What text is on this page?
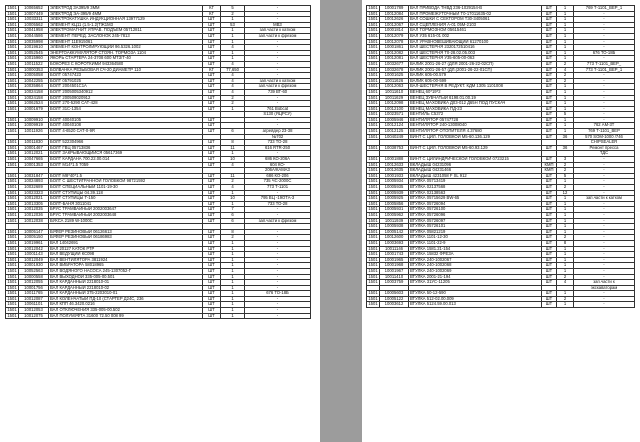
1501	10065652	ЭЛЕКТРОД ЗА395/9 3ММ	КГ	5	-
1501	10007449	ЭЛЕКТРОД ЭА-395/9 4ММ	КГ	2	-
1501	10033311	ЭЛЕКТРОКАТУШКА ИНДУКЦИОННАЯ 13977129	ШТ	1	-
1501	10005562	ЭЛЕМЕНТ КЦ11 (1.5-1.2)ТЖ1М3	ШТ	53	МВЗ
1501	10041958	ЭЛЕКТРОМАГНИТ УПРАВ. ПОДЪЕМ 05712811	ШТ	1	зап.части к катком
1501	10044586	ЭЛЕМЕНТ ПЕРЕД. ЗАСЛОНОК 245-7813	ШТ	1	зап.части к фрезом
1501	10035998	ЭЛЕМЕНТ 11E915061	ШТ	1	-
1501	10019610	ЭЛЕМЕНТ КОНТРОЛИРУЮЩИЙ 96.5326.1002	ШТ	4	-
1501	10052545	ЭНЕРГОАККУМУЛЯТОР СТОЯН. ТОРМОЗА 1104	ШТ	1	-
1501	10015960	ЯКОРЬ СТАРТЕРА 24-3708 600 МТЗ/Т-40	ШТ	1	-
1501	10011522	БОКОРЕЗ С КОРОТКИМИ 943364580	ШТ	4	-
1501	10000353	БОЛВАНКА РЕЗЬБОВАЯ СЧ-20 ДИАМЕТР 110	КГ	77,650	-
1501	10005058	БОЛТ 05747423	ШТ	4	-
1501	10042255	БОЛТ 05791025	ШТ	4	зап.части к катком
1501	10035864	БОЛТ 2004501С1А	ШТ	4	зап.части к фрезом
1501	10024158	БОЛТ 2005005340912	ШТ	4	739 ВТ-60
1501	10024158	БОЛТ 200509020912	ШТ	2	-
1501	10062524	БОЛТ 270-5290 САТ-428	ШТ	2	-
1501	10001679	БОЛТ 31С-1354	ШТ	1	761 Bobcat
					S130 (ЯЦРСУ)
1501	10009910	БОЛТ 40040105	ШТ		-
1501	10009919	БОЛТ 40040108	ШТ		-
1501	10011926	БОЛТ 4-6520 САТ-0-9R	ШТ	6	агрейдер 23-38
					№702
1501	10011830	БОЛТ 522304966	ШТ	8	733 ТО-28
1501	10001467	БОЛТ ГВЦ 05713836	ШТ	11	616 RTR-250
1501	10012021	БОЛТ ЗАКРЫВАЮЩИЙСЯ 05617369	ШТ	1	-
1501	10047665	БОЛТ КАРДАНА 700.22.00.014	ШТ	10	686 КО-206А
1501	10001353	БОЛТ М14*1.5 7059	ШТ	4	604 КО-
					206А/КАМАЗ
1501	10031847	БОЛТ М8*40*1.5	ШТ	11	686 КО-206
1501	10024893	БОЛТ С ШЕСТИГРАННОЙ ГОЛОВКОЙ 98721592	ШТ	2	735 ЧС-2000С
1501	10032689	БОЛТ СПЕЦИАЛЬНЫЙ 1101-19-30	ШТ	4	773 Т-1101
1501	10023323	БОЛТ СТУПИЦЫ 04.39.118	ШТ	1	-
1501	10012021	БОЛТ СТУПИЦЫ Т-150	ШТ	10	795 ВЦ -19ОТА-3
1501	10013305	БОЛТ-БАНЯ 3011041	ШТ	1	733 ТО-28
1501	10012035	БРУС ТРАМВАЙНЫЙ 2002003647	ШТ	7	-
1501	10012036	БРУС ТРАМВАЙНЫЙ 2002003648	ШТ	6	-
1501	10012038	БУКСА 2189 W-1000С	ШТ	6	зап.части к фрезом

1501	10005147	БУФЕР РЕЗИНОВЫЙ 06126613	ШТ	8	-
1501	10005150	БУФЕР РЕЗИНОВЫЙ 06186983	ШТ	2	-
1501	10019961	ВАЛ 14042691	ШТ	1	-
1501	10012042	ВАЛ 20127 КАТОК РТР	ШТ	1	-
1501	10001143	ВАЛ ВЕДУЩИЙ КС098	ШТ	1	-
1501	10012049	ВАЛ ВЕНТИЛЯТОРА 3811924	ШТ	1	-
1501	10001930	ВАЛ ВИБРАТОРА 58018965	ШТ	1	-
1501	10052563	ВАЛ ВОДЯНОГО НАСОСА 245-1307052-Г	ШТ	1	-
1501	10000558	ВАЛ ВЫХОДНОЙ 335-005-00.501	ШТ	1	-
1501	10012055	ВАЛ КАРДАННЫЙ 2218010-01	ШТ	1	-
1501	10001756	ВАЛ КАРДАННЫЙ 2218010-02	ШТ	1	-
1501	10011765	ВАЛ КАРДАННЫЙ 375-2203010-01	ШТ	1	676 ТО-18Б
1501	10012087	ВАЛ КОЛЕНЧАТЫЙ ПД-10 (СТАРТЕР Д24С, 236	ШТ	1	-
1501	10061101	ВАЛ КПП 46.3420.0216	ШТ	1	-
1501	10012053	ВАЛ ОТКЛЮЧЕНИЯ 335-005-00.502	ШТ	1	-
1501	10012075	ВАЛ ПОЛУМУФТА 31600 72.50 008 99	ШТ	1	-
1501	10001789	ВАЛ ПРИВОДА ТНВД 236-1029154-В	ШТ	1	769 Т-1101_ВЕР_1
1501	10012084	ВАЛ ПРОМЕЖУТОЧНЫЙ Т0-17011635-02	ШТ	1	-
1501	10012626	ВАЛ СОШКИ С СЕКТОРОМ Т30-3405061	ШТ	1	-
1501	10012067	ВАЛ СЦЕПЛЕНИЯ А-01 05М-2103	ШТ	1	-
1501	10001814	ВАЛ ТОРМОЗНОЙ 05615461	ШТ	1	-
1501	10012079	ВАЛ У35 615-01 002	ШТ	1	-
1501	10012078	ВАЛ УРАВНОВЕШИВАЮЩИЙ 61270100	ШТ	1	-
1501	10001861	ВАЛ ШЕСТЕРНЯ 2320172510416	ШТ	1	-
1501	10012082	ВАЛ ШЕСТЕРНЯ Т0-28.02.05.003	ШТ	1	676 ТО-18Б
1501	10012081	ВАЛ ШЕСТЕРНЯ У35-605-00-063	ШТ	1	-
1501	10032677	ВАЛИК 2001-26-27 (ДЛЯ 2001-26-22-02СП)	ШТ	2	773 Т-1101_ВЕР_
1501	10032678	ВАЛИК 2001-26-57 (ДЛ.(2001-26-22-01СП)	ШТ	4	773 Т-1101_ВЕР_1
1501	10001625	ВАЛИК 605-00.579	ШТ	2	-
1501	10011626	ВАЛИК 605-00-599	ШТ	2	-
1501	10012063	ВАЛ-ШЕСТЕРНЯ В РЕДУКТ. КДМ 1305 1101008	ШТ	1	-
1501	10011610	ВЕНЕЦ 60*19*2	ШТ	1	-
1501	10011629	ВЕНЕЦ ЗУБЧАТЫЙ 6198.01.00.19	ШТ	1	-
1501	10012098	ВЕНЕЦ МАХОВИКА Д03-012 Д65Н ПОД ПУСКАЧ	ШТ	1	-
1501	10012100	ВЕНЕЦ МАХОВИКА ПД-23	ШТ	1	-
1501	10023571	ВЕНТИЛЬ С5372	ШТ	5	-
1501	10005946	ВЕНТИЛЯТОР 05747728	ШТ	1	-
1501	10012124	ВЕНТИЛЯТОР 240-13008040	ШТ	1	762 АМ-3Т
1501	10012125	ВЕНТИЛЯТОР ОТОПИТЕЛЯ 4.37680	ШТ	1	769 Т-1101_ВЕР
1501	10040249	ВИНТ С ЦИЛ. ГОЛОВКОЙ М5-60.136.129	ШТ	36	570 SOM-1000 /746
					CHIPSEALER
1501	10038753	ВИНТ С ЦИЛ. ГОЛОВКОЙ М5-60.93.129	ШТ	36	Ремонт пресса
					ТДС
1501	10001888	ВИНТ С ЦИЛИНДРИЧЕСКОЙ ГОЛОВКОЙ 0723215	ШТ	3	-
1501	10012633	ВКЛАДЫШ 04231096	КМП	2	-
1501	10012635	ВКЛАДЫШ 04231466	КМП	2	-
1501	10001933	ВКЛАДЫШ 4231058 F SL 912	ШТ	5	-
1501	10005934	ВТУЛКА 05713419	ШТ	1	-
1501	10005935	ВТУЛКА 02137568	ШТ	2	-
1501	10005939	ВТУЛКА 02138563	ШТ	12	-
1501	10005925	ВТУЛКА 05715629 BW-65	ШТ	1	зап.части к катком
1501	10005856	ВТУЛКА 05726094	ШТ	1	-
1501	10005931	ВТУЛКА 05726100	ШТ	1	-
1501	10005962	ВТУЛКА 05726096	ШТ	1	-
1501	10011939	ВТУЛКА 05726097	ШТ	1	-
1501	10005938	ВТУЛКА 05726101	ШТ	1	-
1501	10005142	ВТУЛКА 05821219	ШТ	1	-
1501	10012600	ВТУЛКА 1101-12-30	ШТ	2	-
1501	10003693	ВТУЛКА 1101-22-9	ШТ	8	-
1501	10011146	ВТУЛКА 1581.21-154	ШТ	1	-
1501	10001743	ВТУЛКА 15832 ФРЕЗА	ШТ	1	-
1501	10001965	ВТУЛКА 240-1002067	ШТ	1	-
1501	10001968	ВТУЛКА 240-1002068	ШТ	1	-
1501	10001967	ВТУЛКА 240-1002069	ШТ	1	-
1501	10011410	ВТУЛКА 2001-21-194	ШТ	2	-
1501	10003759	ВТУЛКА 31УС-11205	ШТ	4	зап.части к
					экскаваторам
1501	10005603	ВТУЛКА 50-12-590	ШТ	1	-
1501	10005122	ВТУЛКА 512-02.00.009	ШТ	2	-
1501	10003612	ВТУЛКА 5124.59.00.013	ШТ	1	-
